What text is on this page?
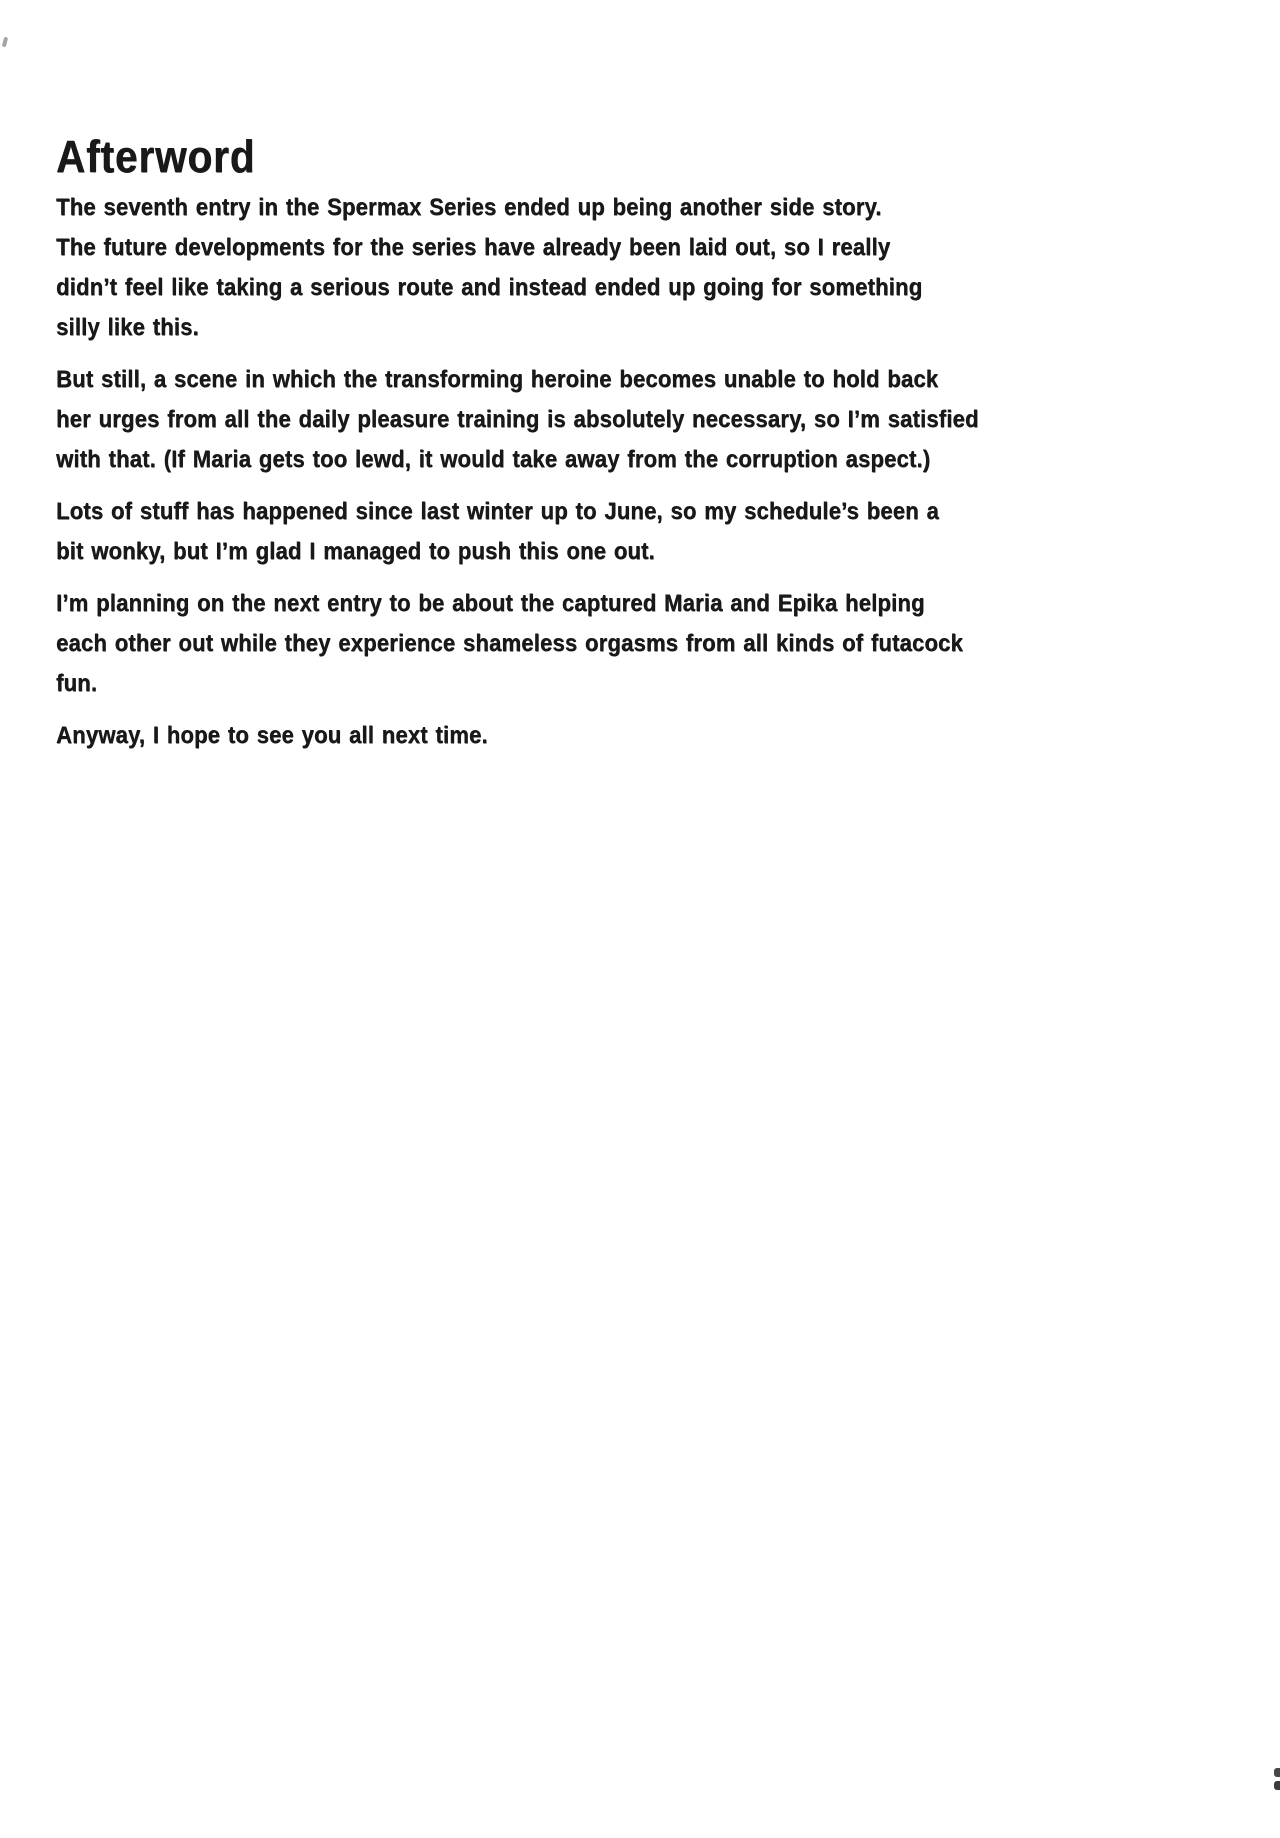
Afterword
The seventh entry in the Spermax Series ended up being another side story.
The future developments for the series have already been laid out, so I really
didn’t feel like taking a serious route and instead ended up going for something
silly like this.
But still, a scene in which the transforming heroine becomes unable to hold back
her urges from all the daily pleasure training is absolutely necessary, so I’m satisfied
with that. (If Maria gets too lewd, it would take away from the corruption aspect.)
Lots of stuff has happened since last winter up to June, so my schedule’s been a
bit wonky, but I’m glad I managed to push this one out.
I’m planning on the next entry to be about the captured Maria and Epika helping
each other out while they experience shameless orgasms from all kinds of futacock
fun.
Anyway, I hope to see you all next time.
